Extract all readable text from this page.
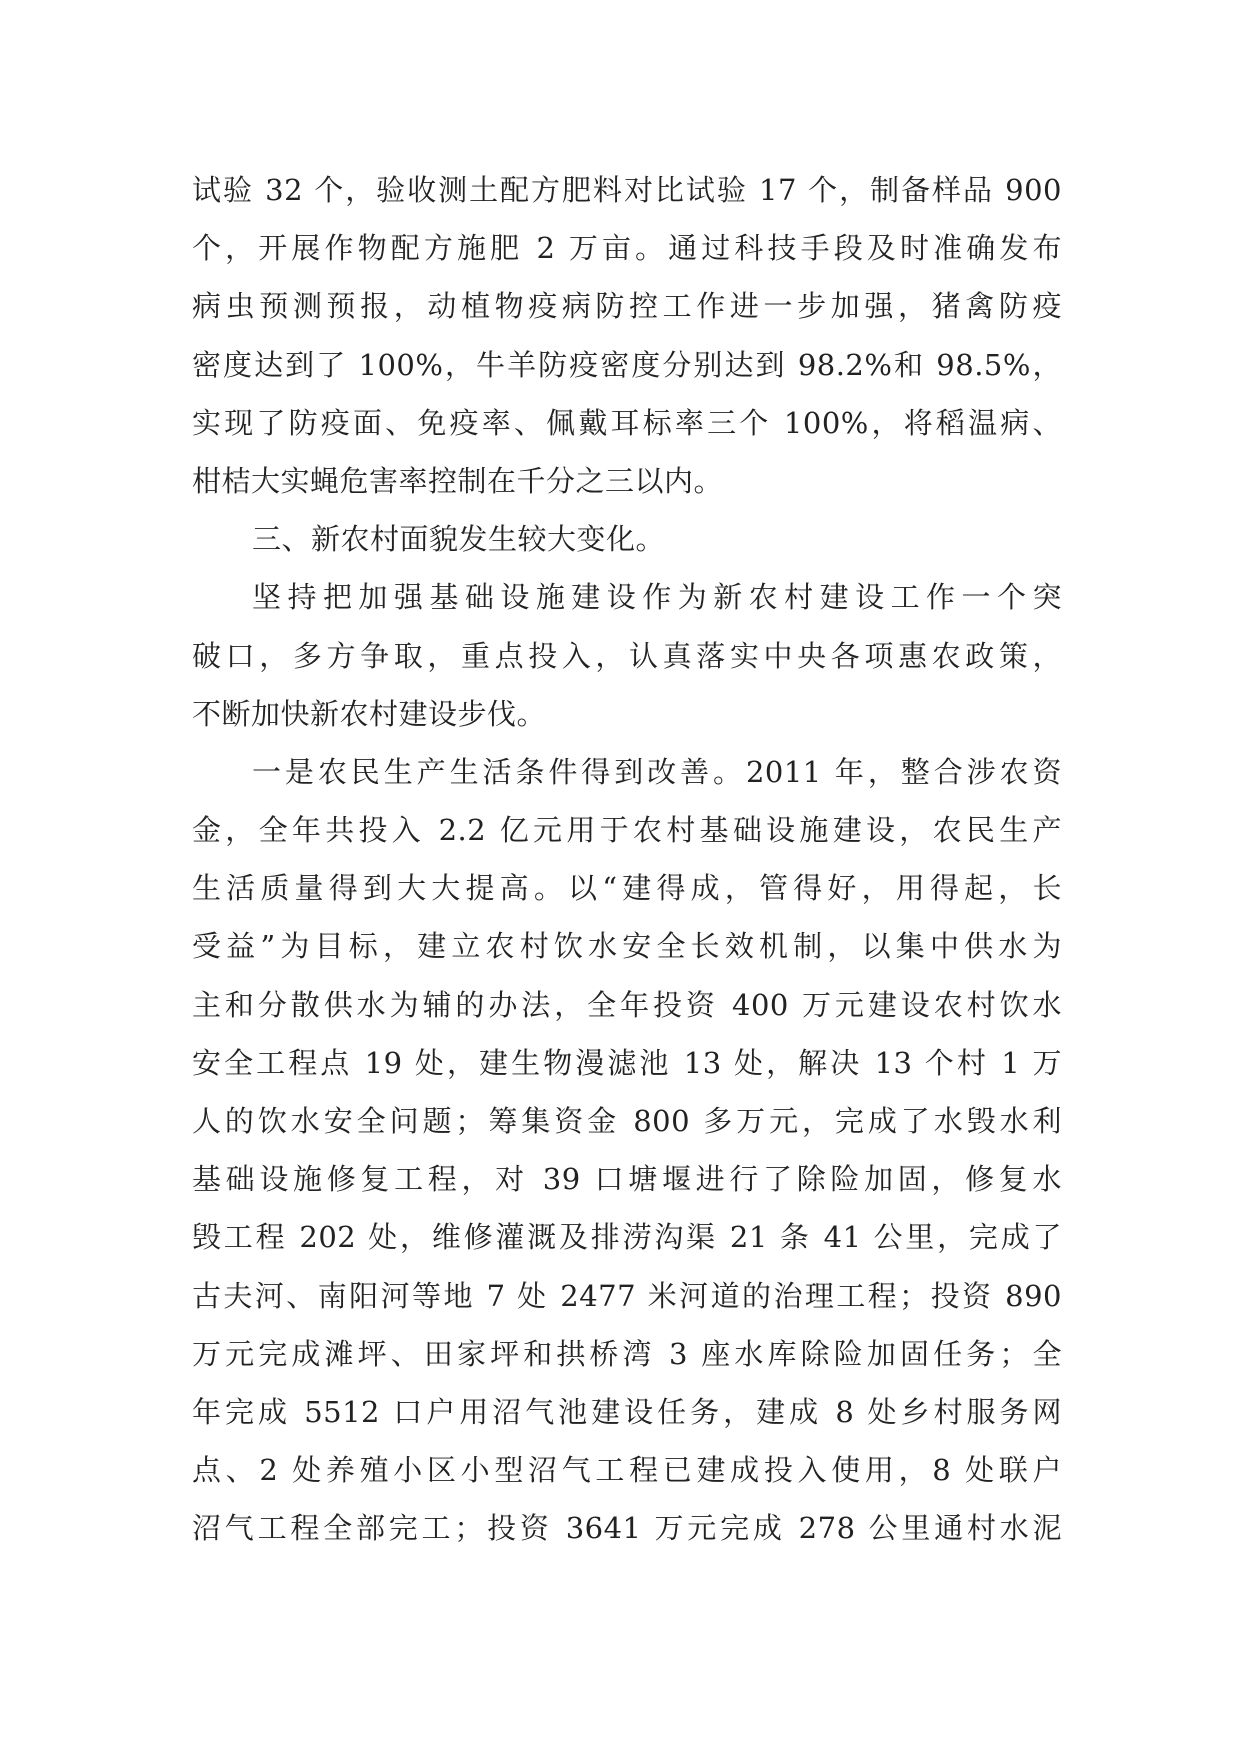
试验 32 个，验收测土配方肥料对比试验 17 个，制备样品 900
个，开展作物配方施肥 2 万亩。通过科技手段及时准确发布
病虫预测预报，动植物疫病防控工作进一步加强，猪禽防疫
密度达到了 100%，牛羊防疫密度分别达到 98.2%和 98.5%，
实现了防疫面、免疫率、佩戴耳标率三个 100%，将稻温病、
柑桔大实蝇危害率控制在千分之三以内。
三、新农村面貌发生较大变化。
坚持把加强基础设施建设作为新农村建设工作一个突
破口，多方争取，重点投入，认真落实中央各项惠农政策，
不断加快新农村建设步伐。
一是农民生产生活条件得到改善。2011 年，整合涉农资
金，全年共投入 2.2 亿元用于农村基础设施建设，农民生产
生活质量得到大大提高。以“建得成，管得好，用得起，长
受益”为目标，建立农村饮水安全长效机制，以集中供水为
主和分散供水为辅的办法，全年投资 400 万元建设农村饮水
安全工程点 19 处，建生物漫滤池 13 处，解决 13 个村 1 万
人的饮水安全问题；筹集资金 800 多万元，完成了水毁水利
基础设施修复工程，对 39 口塘堰进行了除险加固，修复水
毁工程 202 处，维修灌溉及排涝沟渠 21 条 41 公里，完成了
古夫河、南阳河等地 7 处 2477 米河道的治理工程；投资 890
万元完成滩坪、田家坪和拱桥湾 3 座水库除险加固任务；全
年完成 5512 口户用沼气池建设任务，建成 8 处乡村服务网
点、2 处养殖小区小型沼气工程已建成投入使用，8 处联户
沼气工程全部完工；投资 3641 万元完成 278 公里通村水泥
